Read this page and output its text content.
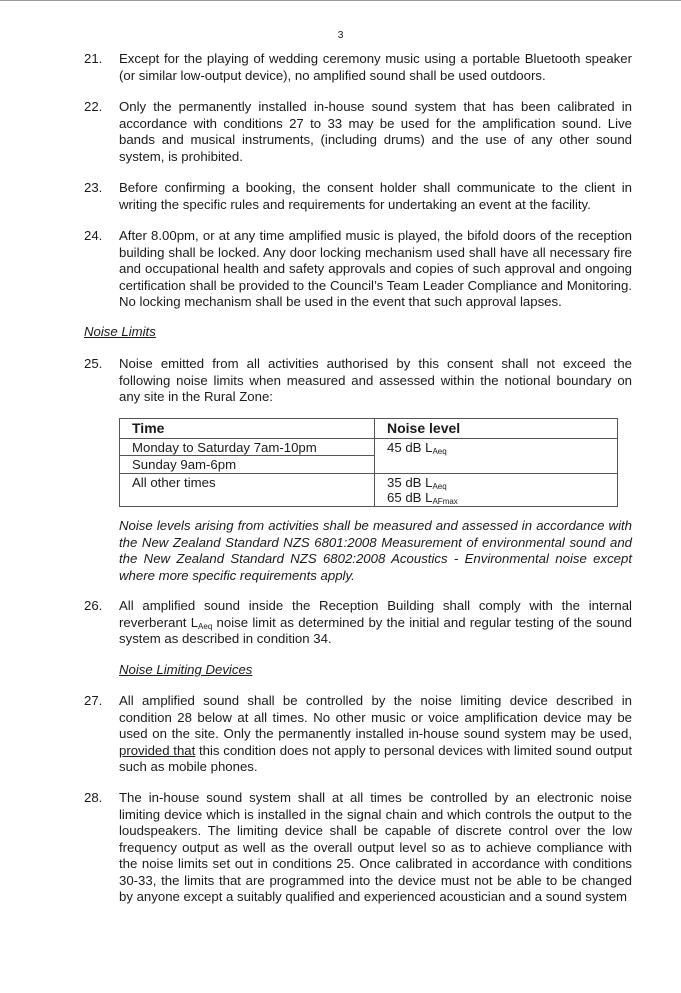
3
21. Except for the playing of wedding ceremony music using a portable Bluetooth speaker (or similar low-output device), no amplified sound shall be used outdoors.
22. Only the permanently installed in-house sound system that has been calibrated in accordance with conditions 27 to 33 may be used for the amplification sound. Live bands and musical instruments, (including drums) and the use of any other sound system, is prohibited.
23. Before confirming a booking, the consent holder shall communicate to the client in writing the specific rules and requirements for undertaking an event at the facility.
24. After 8.00pm, or at any time amplified music is played, the bifold doors of the reception building shall be locked. Any door locking mechanism used shall have all necessary fire and occupational health and safety approvals and copies of such approval and ongoing certification shall be provided to the Council’s Team Leader Compliance and Monitoring. No locking mechanism shall be used in the event that such approval lapses.
Noise Limits
25. Noise emitted from all activities authorised by this consent shall not exceed the following noise limits when measured and assessed within the notional boundary on any site in the Rural Zone:
Time	Noise level
Monday to Saturday 7am-10pm	45 dB $L_{Aeq}$
Sunday 9am-6pm	
All other times	35 dB $L_{Aeq}$
65 dB $L_{AFmax}$
Noise levels arising from activities shall be measured and assessed in accordance with the New Zealand Standard NZS 6801:2008 Measurement of environmental sound and the New Zealand Standard NZS 6802:2008 Acoustics - Environmental noise except where more specific requirements apply.
26. All amplified sound inside the Reception Building shall comply with the internal reverberant $L_{Aeq}$ noise limit as determined by the initial and regular testing of the sound system as described in condition 34.
Noise Limiting Devices
27. All amplified sound shall be controlled by the noise limiting device described in condition 28 below at all times. No other music or voice amplification device may be used on the site. Only the permanently installed in-house sound system may be used, provided that this condition does not apply to personal devices with limited sound output such as mobile phones.
28. The in-house sound system shall at all times be controlled by an electronic noise limiting device which is installed in the signal chain and which controls the output to the loudspeakers. The limiting device shall be capable of discrete control over the low frequency output as well as the overall output level so as to achieve compliance with the noise limits set out in conditions 25. Once calibrated in accordance with conditions 30-33, the limits that are programmed into the device must not be able to be changed by anyone except a suitably qualified and experienced acoustician and a sound system
